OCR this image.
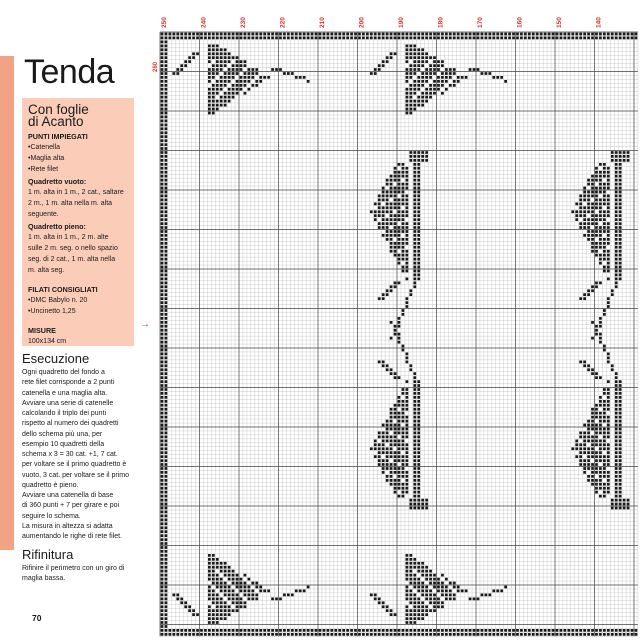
Tenda
Con foglie
di Acanto
PUNTI IMPIEGATI
• Catenella
• Maglia alta
• Rete filet
Quadretto vuoto:
1 m. alta in 1 m., 2 cat., saltare
2 m., 1 m. alta nella m. alta
seguente.
Quadretto pieno:
1 m. alta in 1 m., 2 m. alte
sulle 2 m. seg. o nello spazio
seg. di 2 cat., 1 m. alta nella
m. alta seg.
FILATI CONSIGLIATI
• DMC Babylo n. 20
• Uncinetto 1,25
MISURE
100x134 cm
→
Esecuzione
Ogni quadretto del fondo a
rete filet corrisponde a 2 punti
catenella e una maglia alta.
Avviare una serie di catenelle
calcolando il triplo dei punti
rispetto al numero dei quadretti
dello schema più una, per
esempio 10 quadretti della
schema x 3 = 30 cat. +1, 7 cat.
per voltare se il primo quadretto è
vuoto, 3 cat. per voltare se il primo
quadretto è pieno.
Avviare una catenella di base
di 360 punti + 7 per girare e poi
seguire lo schema.
La misura in altezza si adatta
aumentando le righe di rete filet.
Rifinitura
Rifinire il perimetro con un giro di
maglia bassa.
70
250	240	230	220	210	200	190	180	170	160	150	140
260
